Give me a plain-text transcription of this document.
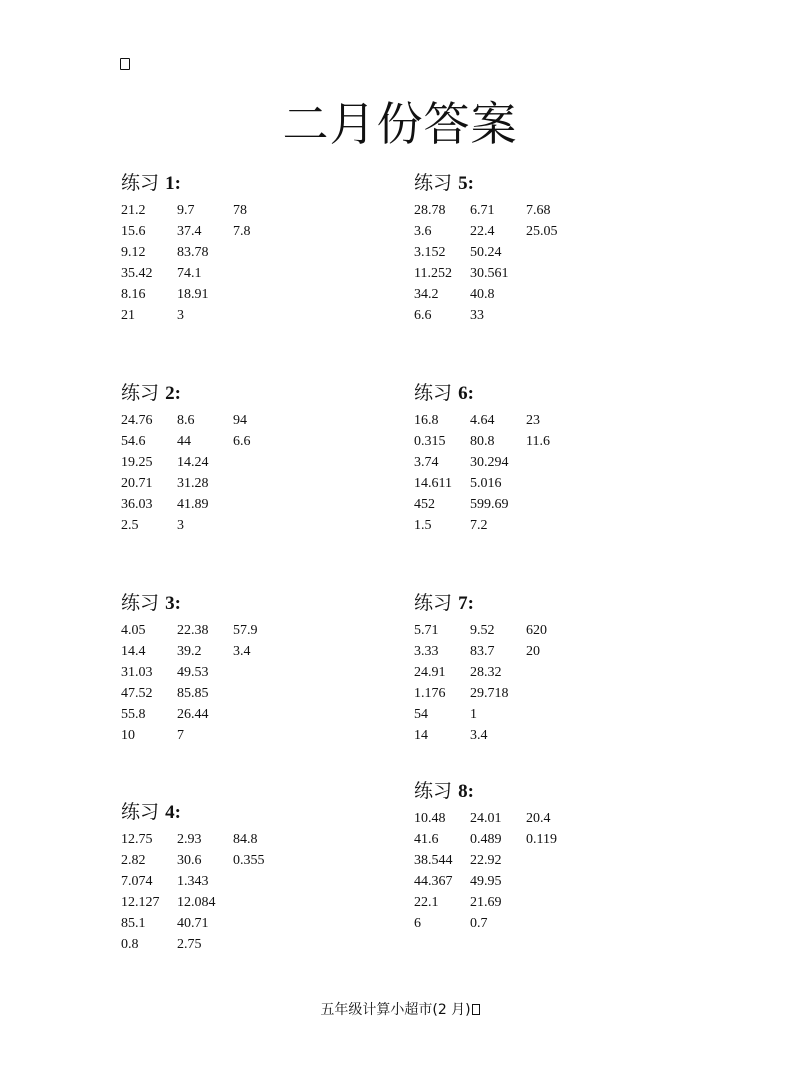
二月份答案
练习 1:
21.2 9.7	78
15.6 37.4 7.8
9.12 83.78
35.42 74.1
8.16 18.91
21	3
练习 2:
24.76 8.6	94
54.6 44	6.6
19.25 14.24
20.71 31.28
36.03 41.89
2.5	3
练习 3:
4.05 22.38 57.9
14.4 39.2 3.4
31.03 49.53
47.52 85.85
55.8 26.44
10	7
练习 4:
12.75 2.93 84.8
2.82 30.6 0.355
7.074 1.343
12.127 12.084
85.1 40.71
0.8	2.75
练习 5:
28.78 6.71 7.68
3.6	22.4 25.05
3.152 50.24
11.252 30.561
34.2 40.8
6.6	33
练习 6:
16.8 4.64 23
0.315 80.8 11.6
3.74 30.294
14.611 5.016
452	599.69
1.5	7.2
练习 7:
5.71 9.52 620
3.33 83.7 20
24.91 28.32
1.176 29.718
54	1
14	3.4
练习 8:
10.48 24.01 20.4
41.6 0.489 0.119
38.544 22.92
44.367 49.95
22.1 21.69
6	0.7
五年级计算小超市(2 月)
